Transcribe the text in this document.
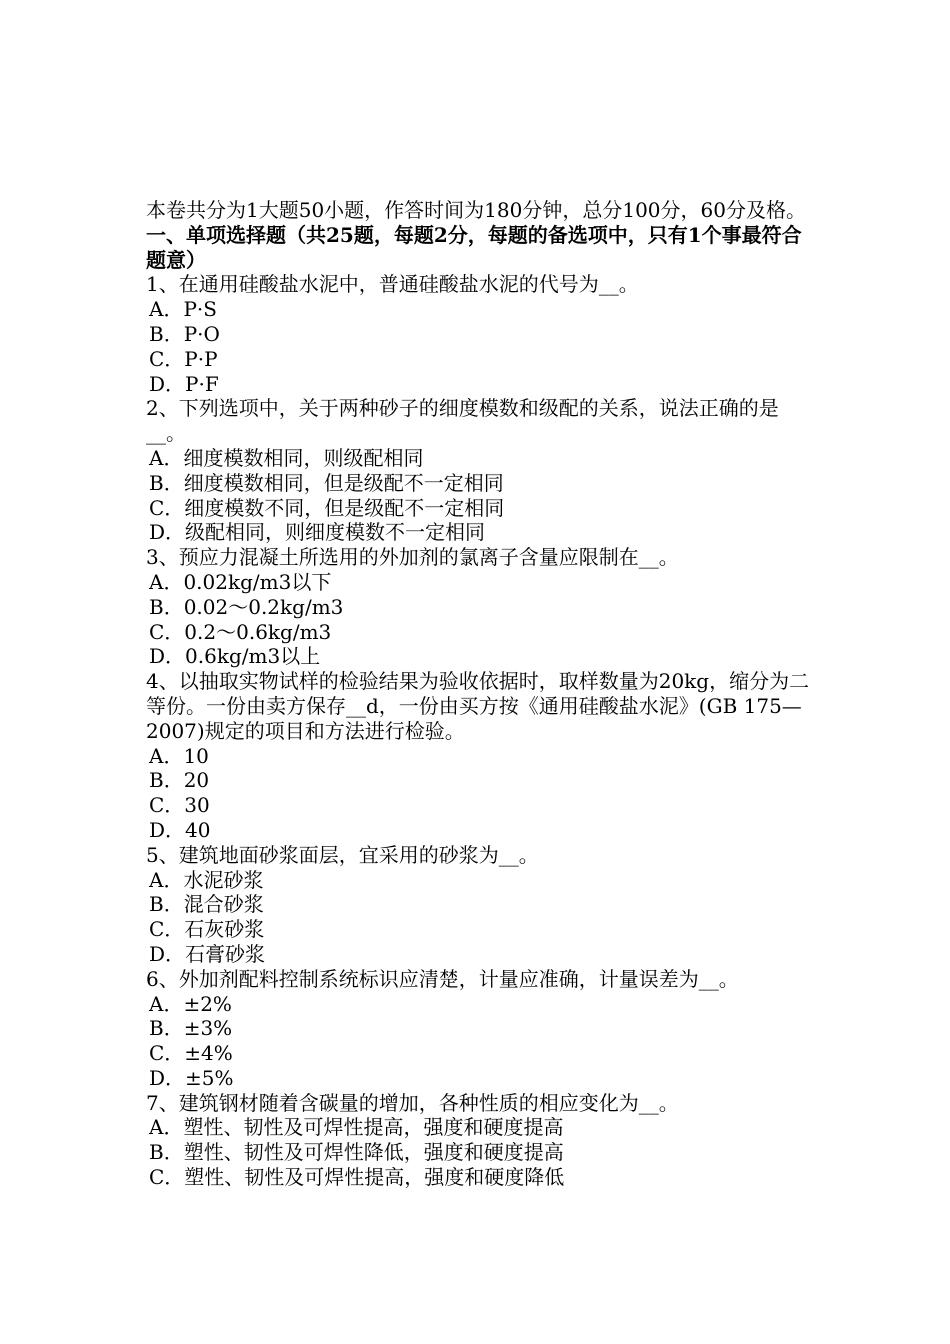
本卷共分为1大题50小题，作答时间为180分钟，总分100分，60分及格。

一、单项选择题（共25题，每题2分，每题的备选项中，只有1个事最符合题意）

1、在通用硅酸盐水泥中，普通硅酸盐水泥的代号为__。

A．P·S

B．P·O

C．P·P

D．P·F

2、下列选项中，关于两种砂子的细度模数和级配的关系，说法正确的是__。

A．细度模数相同，则级配相同

B．细度模数相同，但是级配不一定相同

C．细度模数不同，但是级配不一定相同

D．级配相同，则细度模数不一定相同

3、预应力混凝土所选用的外加剂的氯离子含量应限制在__。

A．0.02kg/m3以下

B．0.02～0.2kg/m3

C．0.2～0.6kg/m3

D．0.6kg/m3以上

4、以抽取实物试样的检验结果为验收依据时，取样数量为20kg，缩分为二等份。一份由卖方保存__d，一份由买方按《通用硅酸盐水泥》(GB 175—2007)规定的项目和方法进行检验。

A．10

B．20

C．30

D．40

5、建筑地面砂浆面层，宜采用的砂浆为__。

A．水泥砂浆

B．混合砂浆

C．石灰砂浆

D．石膏砂浆

6、外加剂配料控制系统标识应清楚，计量应准确，计量误差为__。

A．±2%

B．±3%

C．±4%

D．±5%

7、建筑钢材随着含碳量的增加，各种性质的相应变化为__。

A．塑性、韧性及可焊性提高，强度和硬度提高

B．塑性、韧性及可焊性降低，强度和硬度提高

C．塑性、韧性及可焊性提高，强度和硬度降低
